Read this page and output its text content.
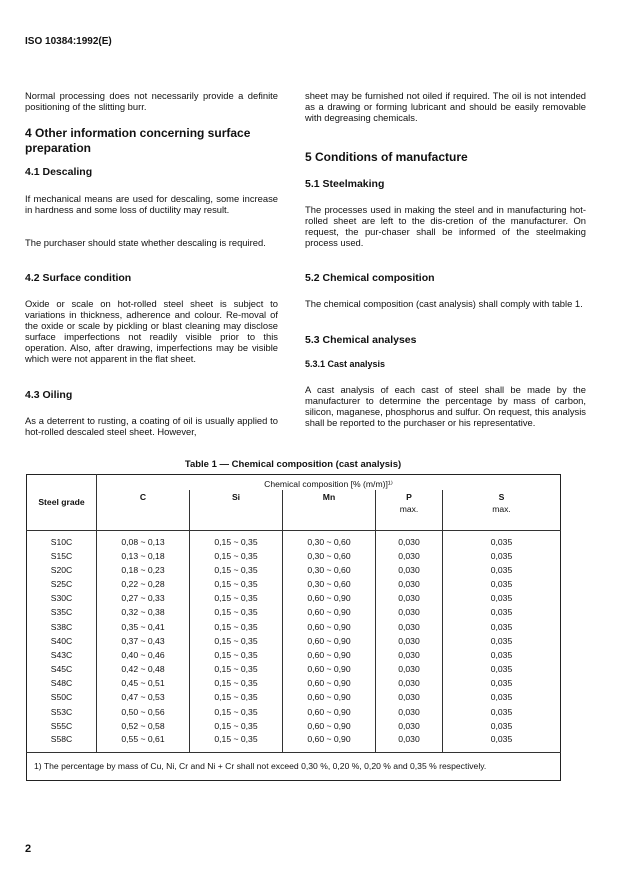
ISO 10384:1992(E)
Normal processing does not necessarily provide a definite positioning of the slitting burr.
4 Other information concerning surface preparation
4.1 Descaling
If mechanical means are used for descaling, some increase in hardness and some loss of ductility may result.
The purchaser should state whether descaling is required.
4.2 Surface condition
Oxide or scale on hot-rolled steel sheet is subject to variations in thickness, adherence and colour. Re-moval of the oxide or scale by pickling or blast cleaning may disclose surface imperfections not readily visible prior to this operation. Also, after drawing, imperfections may be visible which were not apparent in the flat sheet.
4.3 Oiling
As a deterrent to rusting, a coating of oil is usually applied to hot-rolled descaled steel sheet. However,
sheet may be furnished not oiled if required. The oil is not intended as a drawing or forming lubricant and should be easily removable with degreasing chemicals.
5 Conditions of manufacture
5.1 Steelmaking
The processes used in making the steel and in manufacturing hot-rolled sheet are left to the dis-cretion of the manufacturer. On request, the pur-chaser shall be informed of the steelmaking process used.
5.2 Chemical composition
The chemical composition (cast analysis) shall comply with table 1.
5.3 Chemical analyses
5.3.1 Cast analysis
A cast analysis of each cast of steel shall be made by the manufacturer to determine the percentage by mass of carbon, silicon, maganese, phosphorus and sulfur. On request, this analysis shall be reported to the purchaser or his representative.
Table 1 — Chemical composition (cast analysis)
Steel grade	Chemical composition [% (m/m)]¹⁾				
	C	Si	Mn	P	S
				max.	max.
S10C	0,08 ~ 0,13	0,15 ~ 0,35	0,30 ~ 0,60	0,030	0,035
S15C	0,13 ~ 0,18	0,15 ~ 0,35	0,30 ~ 0,60	0,030	0,035
S20C	0,18 ~ 0,23	0,15 ~ 0,35	0,30 ~ 0,60	0,030	0,035
S25C	0,22 ~ 0,28	0,15 ~ 0,35	0,30 ~ 0,60	0,030	0,035
S30C	0,27 ~ 0,33	0,15 ~ 0,35	0,60 ~ 0,90	0,030	0,035
S35C	0,32 ~ 0,38	0,15 ~ 0,35	0,60 ~ 0,90	0,030	0,035
S38C	0,35 ~ 0,41	0,15 ~ 0,35	0,60 ~ 0,90	0,030	0,035
S40C	0,37 ~ 0,43	0,15 ~ 0,35	0,60 ~ 0,90	0,030	0,035
S43C	0,40 ~ 0,46	0,15 ~ 0,35	0,60 ~ 0,90	0,030	0,035
S45C	0,42 ~ 0,48	0,15 ~ 0,35	0,60 ~ 0,90	0,030	0,035
S48C	0,45 ~ 0,51	0,15 ~ 0,35	0,60 ~ 0,90	0,030	0,035
S50C	0,47 ~ 0,53	0,15 ~ 0,35	0,60 ~ 0,90	0,030	0,035
S53C	0,50 ~ 0,56	0,15 ~ 0,35	0,60 ~ 0,90	0,030	0,035
S55C	0,52 ~ 0,58	0,15 ~ 0,35	0,60 ~ 0,90	0,030	0,035
S58C	0,55 ~ 0,61	0,15 ~ 0,35	0,60 ~ 0,90	0,030	0,035
1) The percentage by mass of Cu, Ni, Cr and Ni + Cr shall not exceed 0,30 %, 0,20 %, 0,20 % and 0,35 % respectively.					
2
